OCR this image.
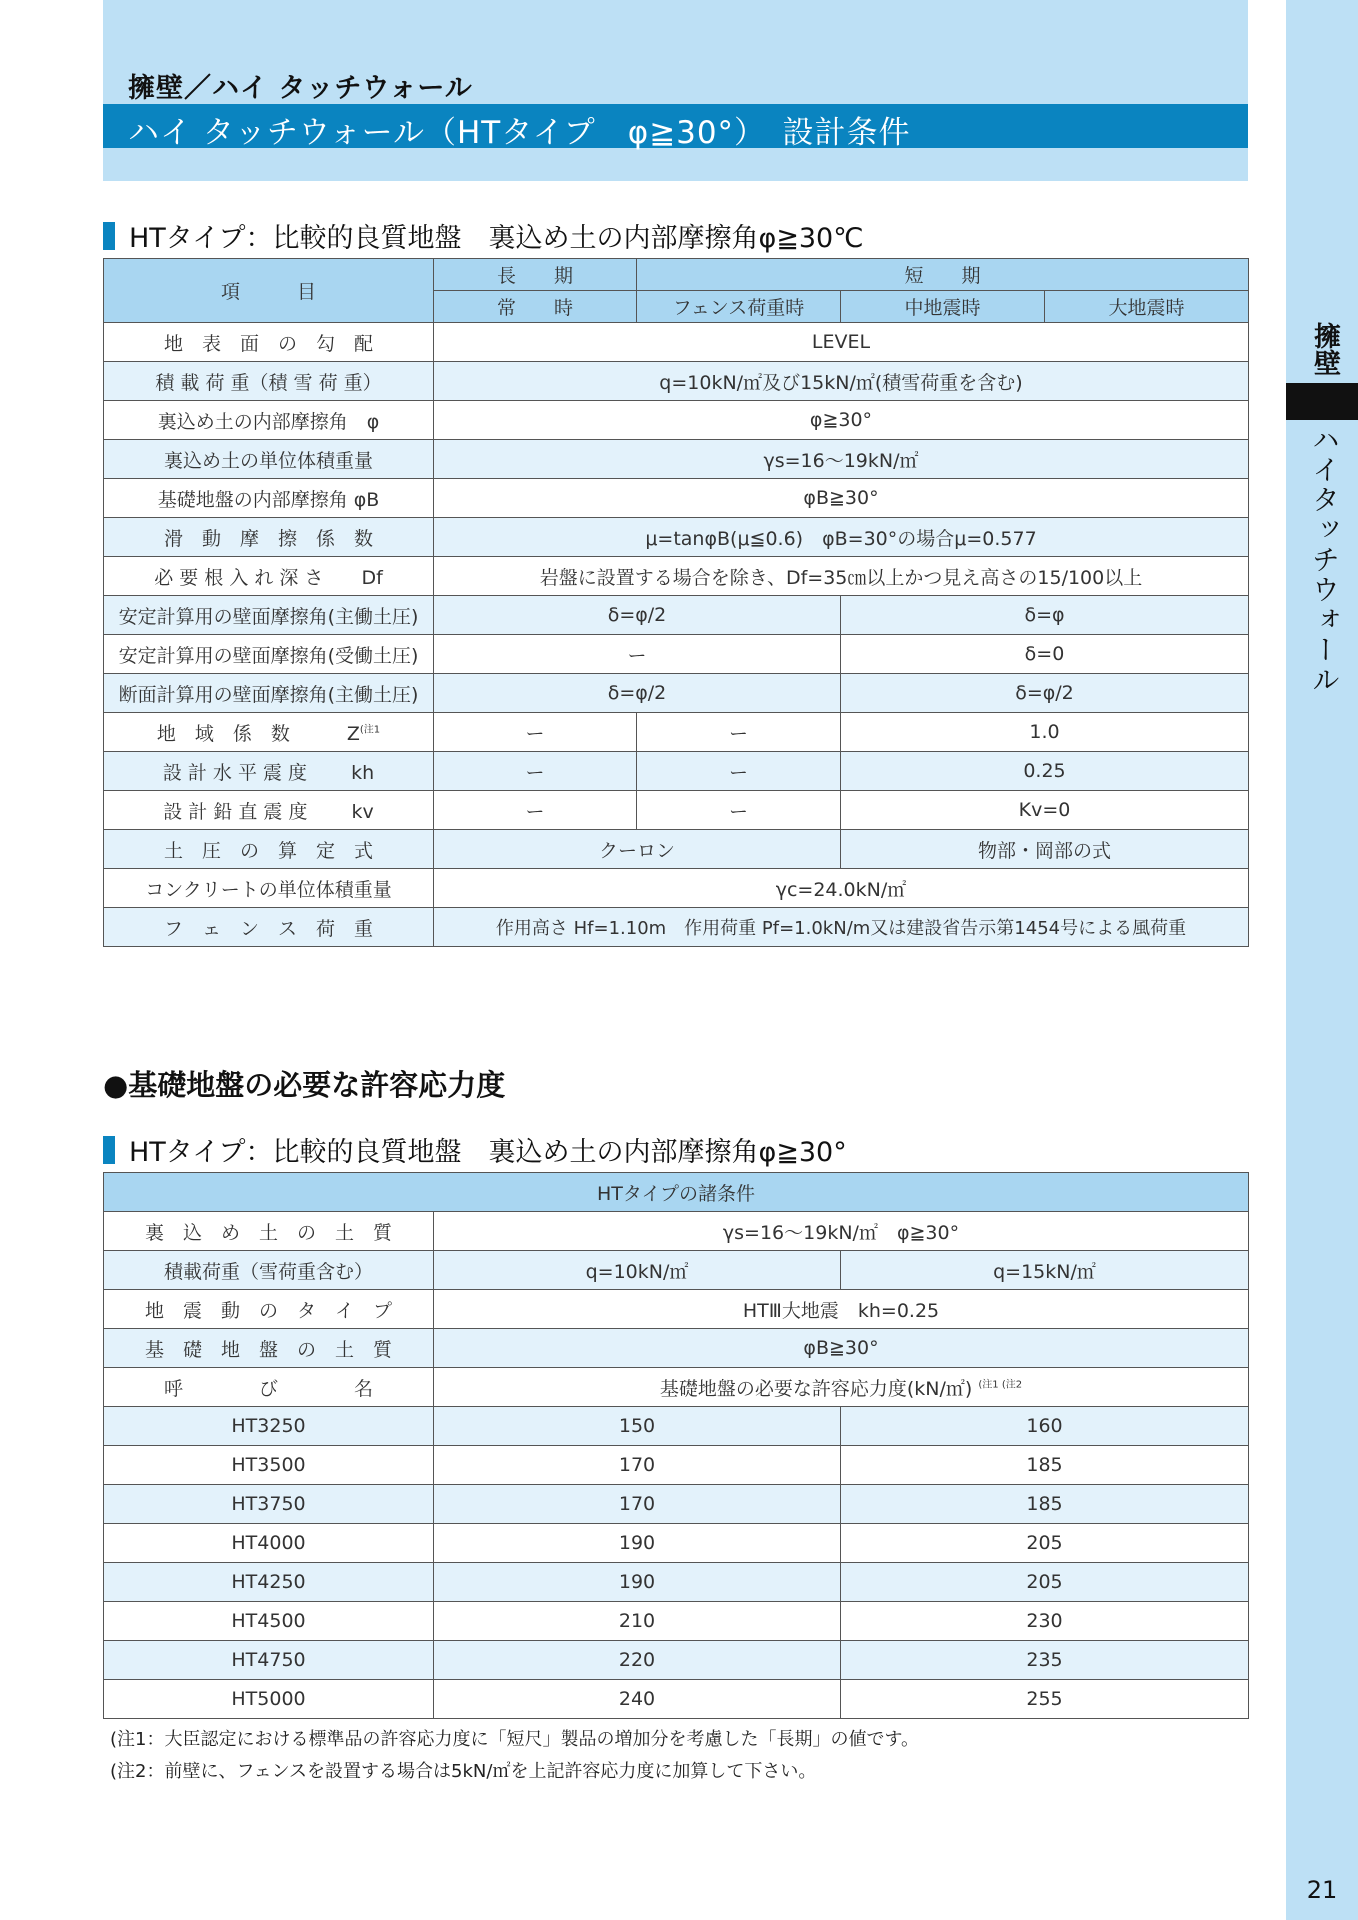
擁壁／ハイ タッチウォール
ハイ タッチウォール（HTタイプ　φ≧30°）　設計条件
擁壁
ハイタッチウォール
21
HTタイプ：比較的良質地盤　裏込め土の内部摩擦角φ≧30℃
項　　　目	長　　期	短　　期		
	常　　時	フェンス荷重時	中地震時	大地震時
地　表　面　の　勾　配	LEVEL			
積 載 荷 重（積 雪 荷 重）	q=10kN/㎡及び15kN/㎡(積雪荷重を含む)			
裏込め土の内部摩擦角　φ	φ≧30°			
裏込め土の単位体積重量	γs=16～19kN/㎡			
基礎地盤の内部摩擦角 φB	φB≧30°			
滑　動　摩　擦　係　数	μ=tanφB(μ≦0.6)　φB=30°の場合μ=0.577			
必 要 根 入 れ 深 さ　　Df	岩盤に設置する場合を除き、Df=35㎝以上かつ見え高さの15/100以上			
安定計算用の壁面摩擦角(主働土圧)	δ=φ/2		δ=φ	
安定計算用の壁面摩擦角(受働土圧)	ー		δ=0	
断面計算用の壁面摩擦角(主働土圧)	δ=φ/2		δ=φ/2	
地　域　係　数　　　$Z^{(注1}$	ー	ー	1.0	
設 計 水 平 震 度　　 kh	ー	ー	0.25	
設 計 鉛 直 震 度　　 kv	ー	ー	Kv=0	
土　圧　の　算　定　式	クーロン		物部・岡部の式	
コンクリートの単位体積重量	γc=24.0kN/㎡			
フ　ェ　ン　ス　荷　重	作用高さ Hf=1.10m　作用荷重 Pf=1.0kN/m又は建設省告示第1454号による風荷重			
●基礎地盤の必要な許容応力度
HTタイプ：比較的良質地盤　裏込め土の内部摩擦角φ≧30°
HTタイプの諸条件		
裏　込　め　土　の　土　質	γs=16～19kN/㎡　φ≧30°	
積載荷重（雪荷重含む）	q=10kN/㎡	q=15kN/㎡
地　震　動　の　タ　イ　プ	HTⅢ大地震　kh=0.25	
基　礎　地　盤　の　土　質	φB≧30°	
呼　　　　び　　　　名	基礎地盤の必要な許容応力度(kN/㎡) $^{(注1 (注2}$
HT3250	150	160
HT3500	170	185
HT3750	170	185
HT4000	190	205
HT4250	190	205
HT4500	210	230
HT4750	220	235
HT5000	240	255
(注1：大臣認定における標準品の許容応力度に「短尺」製品の増加分を考慮した「長期」の値です。
(注2：前壁に、フェンスを設置する場合は5kN/㎡を上記許容応力度に加算して下さい。
